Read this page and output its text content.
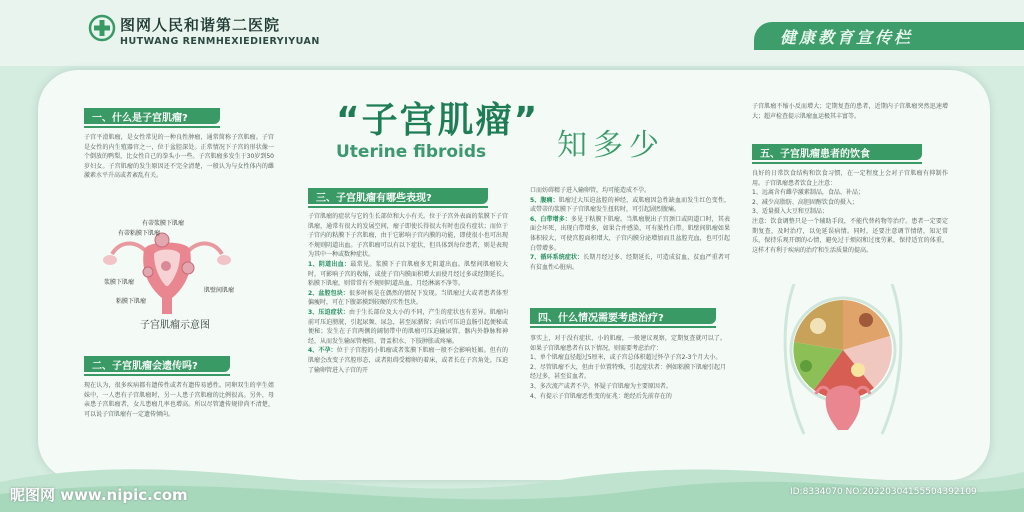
图网人民和谐第二医院
HUTWANG RENMHEXIEDIERYIYUAN	健康教育宣传栏
一、什么是子宫肌瘤?
子宫平滑肌瘤，是女性常见的一种良性肿瘤，通常简称子宫肌瘤。子宫是女性的内生殖器官之一，位于盆腔深处。正常情况下子宫的形状像一个倒放的鸭梨，比女性自己的拳头小一些。子宫肌瘤多发生于30岁到50岁妇女。子宫肌瘤的发生原因还不完全清楚，一般认为与女性体内的雌激素水平升高或者紊乱有关。
有蒂浆膜下肌瘤
有蒂粘膜下肌瘤
浆膜下肌瘤
肌壁间肌瘤
粘膜下肌瘤
子宫肌瘤示意图
二、子宫肌瘤会遗传吗?
现在认为，很多疾病都有遗传性或者有遗传易感性。同卵双生的孪生姐妹中，一人患有子宫肌瘤时，另一人患子宫肌瘤的比例很高。另外，母亲患子宫肌瘤者，女儿患瘤几率也增高。所以尽管遗传规律尚不清楚，可以说子宫肌瘤有一定遗传倾向。
“子宫肌瘤”
Uterine fibroids 知多少
三、子宫肌瘤有哪些表现?
子宫肌瘤的症状与它的生长部位和大小有关。位于子宫外表面的浆膜下子宫肌瘤，通常有很大的发展空间，瘤子即使长得很大有时也没有症状；而位于子宫内的粘膜下子宫肌瘤，由于它影响子宫内膜的功能，即使很小也可出现不规则阴道出血。子宫肌瘤可以有以下症状，但具体到每位患者，则是表现为其中一种或数种症状。
1、阴道出血：最常见。浆膜下子宫肌瘤多无阴道出血。肌壁间肌瘤较大时，可影响子宫的收缩，或使子宫内膜面积增大而使月经过多或经期延长。粘膜下肌瘤，则常常有不规则阴道出血、月经淋漓不净等。
2、盆腔包块：很多时候是在偶然的情况下发现。当肌瘤过大或者患者体型偏瘦时，可在下腹部摸到较硬的实性包块。
3、压迫症状：由于生长部位及大小的不同，产生的症状也有差异。肌瘤向前可压迫膀胱，引起尿频、尿急，甚至尿潴留；向后可压迫直肠引起便秘或便秘；发生在子宫两侧的阔韧带中的肌瘤可压迫输尿管、髂内外静脉和神经，从而发生输尿管梗阻、肾盂积水、下肢肿胀或疼痛。
4、不孕：位于子宫腔的小肌瘤或者浆膜下肌瘤一般不会影响妊娠。但有的肌瘤会改变子宫腔形态，或者阻碍受精卵的着床，或者长在子宫角处，压迫了输卵管进入子宫的开
口而妨碍精子进入输卵管，均可能造成不孕。
5、腹痛：肌瘤过大压迫盆腔的神经，或肌瘤因急性缺血而发生红色变性，或带蒂的浆膜下子宫肌瘤发生扭转时，可引起剧烈腹痛。
6、白带增多：多见于粘膜下肌瘤。当肌瘤脱出子宫颈口或阴道口时，其表面会坏死，出现白带增多，如果合并感染，可有脓性白带。肌壁间肌瘤如果体积较大，可使宫腔面积增大，子宫内膜分泌增加而且盆腔充血，也可引起白带增多。
7、循环系统症状：长期月经过多、经期延长，可造成贫血，贫血严重者可有贫血性心脏病。
四、什么情况需要考虑治疗?
事实上，对于没有症状、小的肌瘤，一般建议观察，定期复查就可以了。如果子宫肌瘤患者有以下情况，则需要考虑治疗：
1、单个肌瘤直径超过5厘米，或子宫总体积超过怀孕子宫2-3个月大小。
2、尽管肌瘤不大，但由于位置特殊，引起症状者：例如粘膜下肌瘤引起月经过多，甚至贫血者。
3、多次流产或者不孕，怀疑子宫肌瘤为主要原因者。
4、有提示子宫肌瘤恶性变的征兆：绝经后先前存在的
子宫肌瘤不缩小反而增大；定期复查的患者，近期内子宫肌瘤突然迅速增大；超声检查提示肌瘤血运极其丰富等。
五、子宫肌瘤患者的饮食
良好的日常饮食结构和饮食习惯，在一定程度上会对子宫肌瘤有抑制作用。子宫肌瘤患者饮食上注意：
1、远离含有雌孕激素制品，食品、补品；
2、减少高脂肪、高胆固醇饮食的摄入；
3、适量摄入大豆和豆制品；
注意：饮食调整只是一个辅助手段，不能代替药物等治疗。患者一定要定期复查，及时治疗，以免延误病情。同时，还要注意调节情绪，知足常乐，保持乐观开朗的心情，避免过于烦闷和过度劳累，保持适宜的体重，这样才有利于疾病的治疗和生活质量的提高。
昵图网 www.nipic.com	ID:8334070 NO:20220304155504392109
